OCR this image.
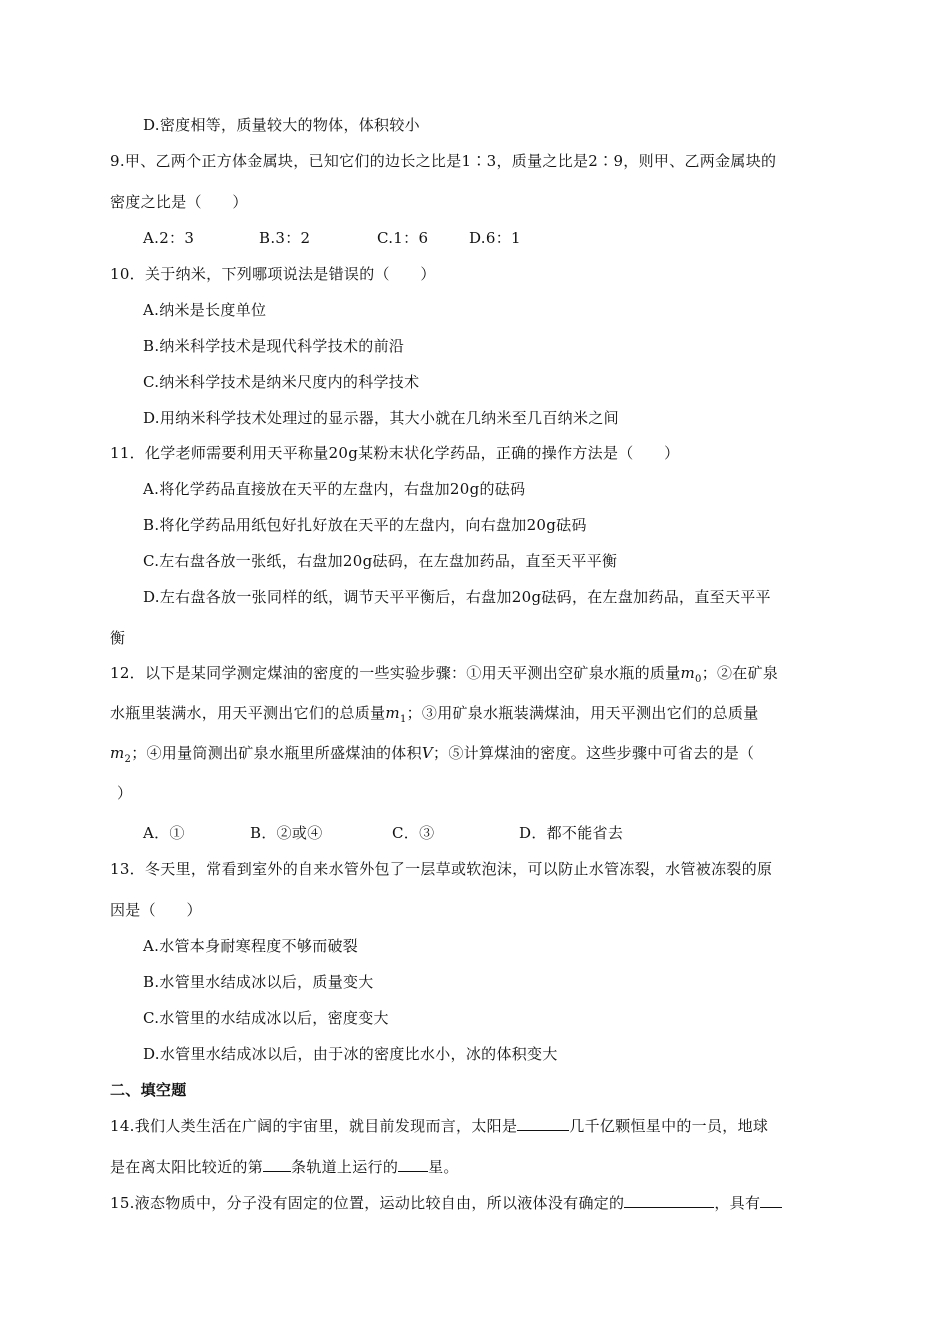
D.密度相等，质量较大的物体，体积较小
9.甲、乙两个正方体金属块，已知它们的边长之比是1∶3，质量之比是2∶9，则甲、乙两金属块的
密度之比是（　　）
A.2：3	B.3：2	C.1：6	D.6：1
10．关于纳米，下列哪项说法是错误的（　　）
A.纳米是长度单位
B.纳米科学技术是现代科学技术的前沿
C.纳米科学技术是纳米尺度内的科学技术
D.用纳米科学技术处理过的显示器，其大小就在几纳米至几百纳米之间
11．化学老师需要利用天平称量20g某粉末状化学药品，正确的操作方法是（　　）
A.将化学药品直接放在天平的左盘内，右盘加20g的砝码
B.将化学药品用纸包好扎好放在天平的左盘内，向右盘加20g砝码
C.左右盘各放一张纸，右盘加20g砝码，在左盘加药品，直至天平平衡
D.左右盘各放一张同样的纸，调节天平平衡后，右盘加20g砝码，在左盘加药品，直至天平平
衡
12．以下是某同学测定煤油的密度的一些实验步骤：①用天平测出空矿泉水瓶的质量$m_0$；②在矿泉
水瓶里装满水，用天平测出它们的总质量$m_1$；③用矿泉水瓶装满煤油，用天平测出它们的总质量
$m_2$；④用量筒测出矿泉水瓶里所盛煤油的体积V；⑤计算煤油的密度。这些步骤中可省去的是（
）
A．①	B．②或④	C．③	D．都不能省去
13．冬天里，常看到室外的自来水管外包了一层草或软泡沫，可以防止水管冻裂，水管被冻裂的原
因是（　　）
A.水管本身耐寒程度不够而破裂
B.水管里水结成冰以后，质量变大
C.水管里的水结成冰以后，密度变大
D.水管里水结成冰以后，由于冰的密度比水小，冰的体积变大
二、填空题
14.我们人类生活在广阔的宇宙里，就目前发现而言，太阳是	几千亿颗恒星中的一员，地球
是在离太阳比较近的第 条轨道上运行的 星。
15.液态物质中，分子没有固定的位置，运动比较自由，所以液体没有确定的	，具有
